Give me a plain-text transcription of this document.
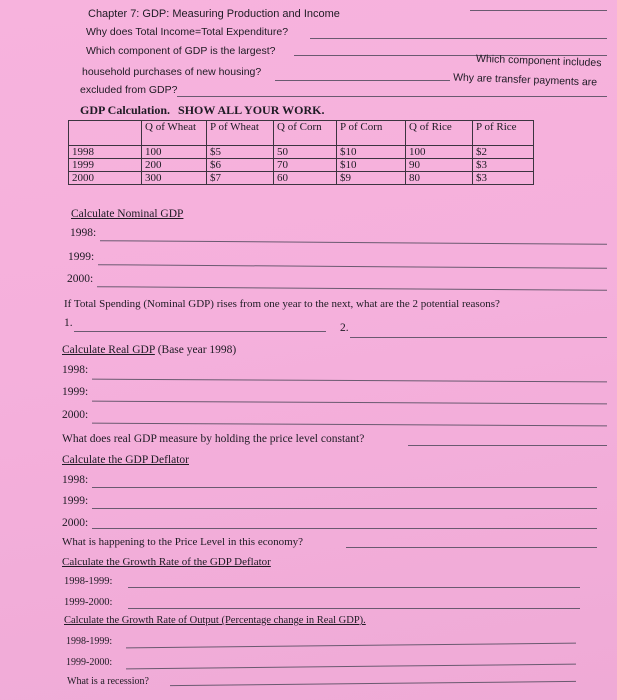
Chapter 7: GDP: Measuring Production and Income
Why does Total Income=Total Expenditure?
Which component of GDP is the largest?
Which component includes
household purchases of new housing?	Why are transfer payments are
excluded from GDP?
GDP Calculation. SHOW ALL YOUR WORK.
	Q of Wheat	P of Wheat	Q of Corn	P of Corn	Q of Rice	P of Rice
1998	100	$5	50	$10	100	$2
1999	200	$6	70	$10	90	$3
2000	300	$7	60	$9	80	$3
Calculate Nominal GDP
1998:
1999:
2000:
If Total Spending (Nominal GDP) rises from one year to the next, what are the 2 potential reasons?
1.	2.
Calculate Real GDP (Base year 1998)
1998:
1999:
2000:
What does real GDP measure by holding the price level constant?
Calculate the GDP Deflator
1998:
1999:
2000:
What is happening to the Price Level in this economy?
Calculate the Growth Rate of the GDP Deflator
1998-1999:
1999-2000:
Calculate the Growth Rate of Output (Percentage change in Real GDP).
1998-1999:
1999-2000:
What is a recession?
